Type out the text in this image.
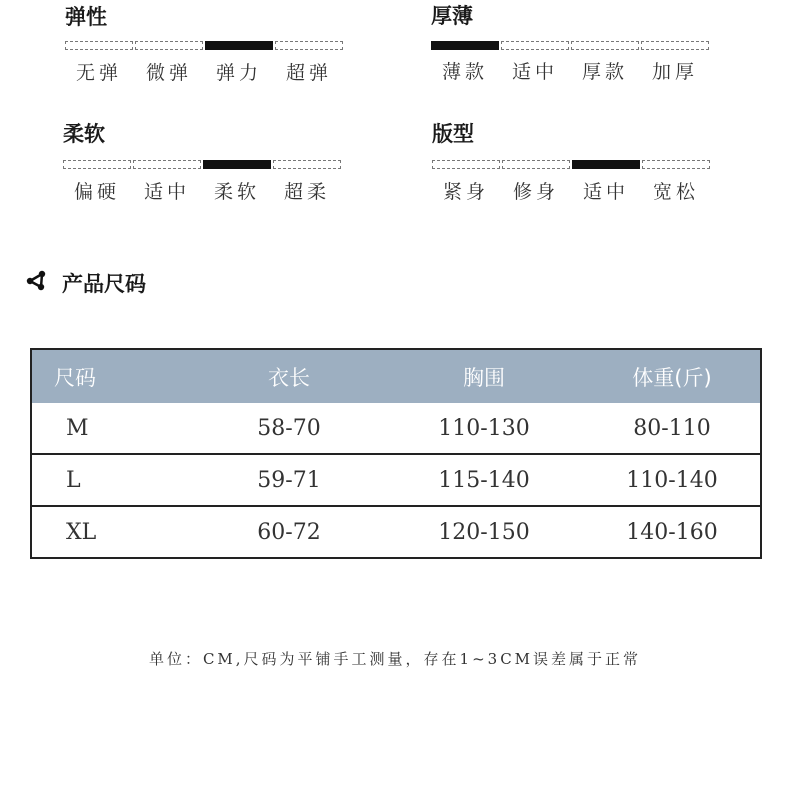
弹性
无弹	微弹	弹力	超弹
厚薄
薄款	适中	厚款	加厚
柔软
偏硬	适中	柔软	超柔
版型
紧身	修身	适中	宽松
产品尺码
尺码	衣长	胸围	体重(斤)
M	58-70	110-130	80-110
L	59-71	115-140	110-140
XL	60-72	120-150	140-160
单位：CM,尺码为平铺手工测量，存在1~3CM误差属于正常
